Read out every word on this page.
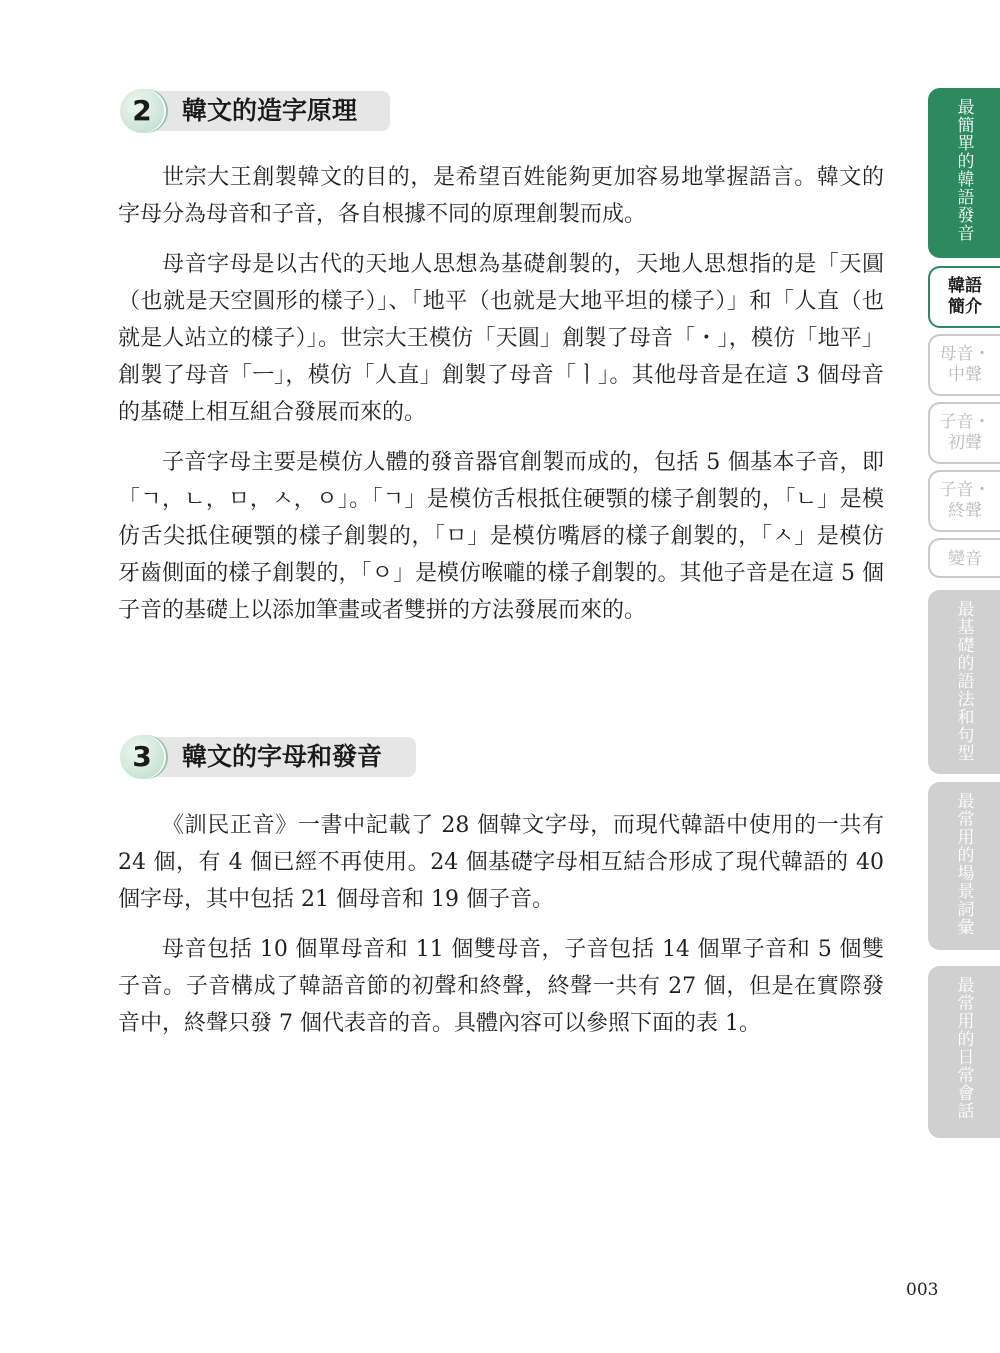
2	韓文的造字原理

世宗大王創製韓文的目的，是希望百姓能夠更加容易地掌握語言。韓文的字母分為母音和子音，各自根據不同的原理創製而成。

母音字母是以古代的天地人思想為基礎創製的，天地人思想指的是「天圓（也就是天空圓形的樣子）」、「地平（也就是大地平坦的樣子）」和「人直（也就是人站立的樣子）」。世宗大王模仿「天圓」創製了母音「・」，模仿「地平」創製了母音「ㅡ」，模仿「人直」創製了母音「ㅣ」。其他母音是在這 3 個母音的基礎上相互組合發展而來的。

子音字母主要是模仿人體的發音器官創製而成的，包括 5 個基本子音，即「ㄱ，ㄴ，ㅁ，ㅅ，ㅇ」。「ㄱ」是模仿舌根抵住硬顎的樣子創製的，「ㄴ」是模仿舌尖抵住硬顎的樣子創製的，「ㅁ」是模仿嘴唇的樣子創製的，「ㅅ」是模仿牙齒側面的樣子創製的，「ㅇ」是模仿喉嚨的樣子創製的。其他子音是在這 5 個子音的基礎上以添加筆畫或者雙拼的方法發展而來的。

3	韓文的字母和發音

《訓民正音》一書中記載了 28 個韓文字母，而現代韓語中使用的一共有 24 個，有 4 個已經不再使用。24 個基礎字母相互結合形成了現代韓語的 40 個字母，其中包括 21 個母音和 19 個子音。

母音包括 10 個單母音和 11 個雙母音，子音包括 14 個單子音和 5 個雙子音。子音構成了韓語音節的初聲和終聲，終聲一共有 27 個，但是在實際發音中，終聲只發 7 個代表音的音。具體內容可以參照下面的表 1。

最簡單的韓語發音
韓語
簡介
母音・
中聲
子音・
初聲
子音・
終聲
變音
最基礎的語法和句型
最常用的場景詞彙
最常用的日常會話
003
